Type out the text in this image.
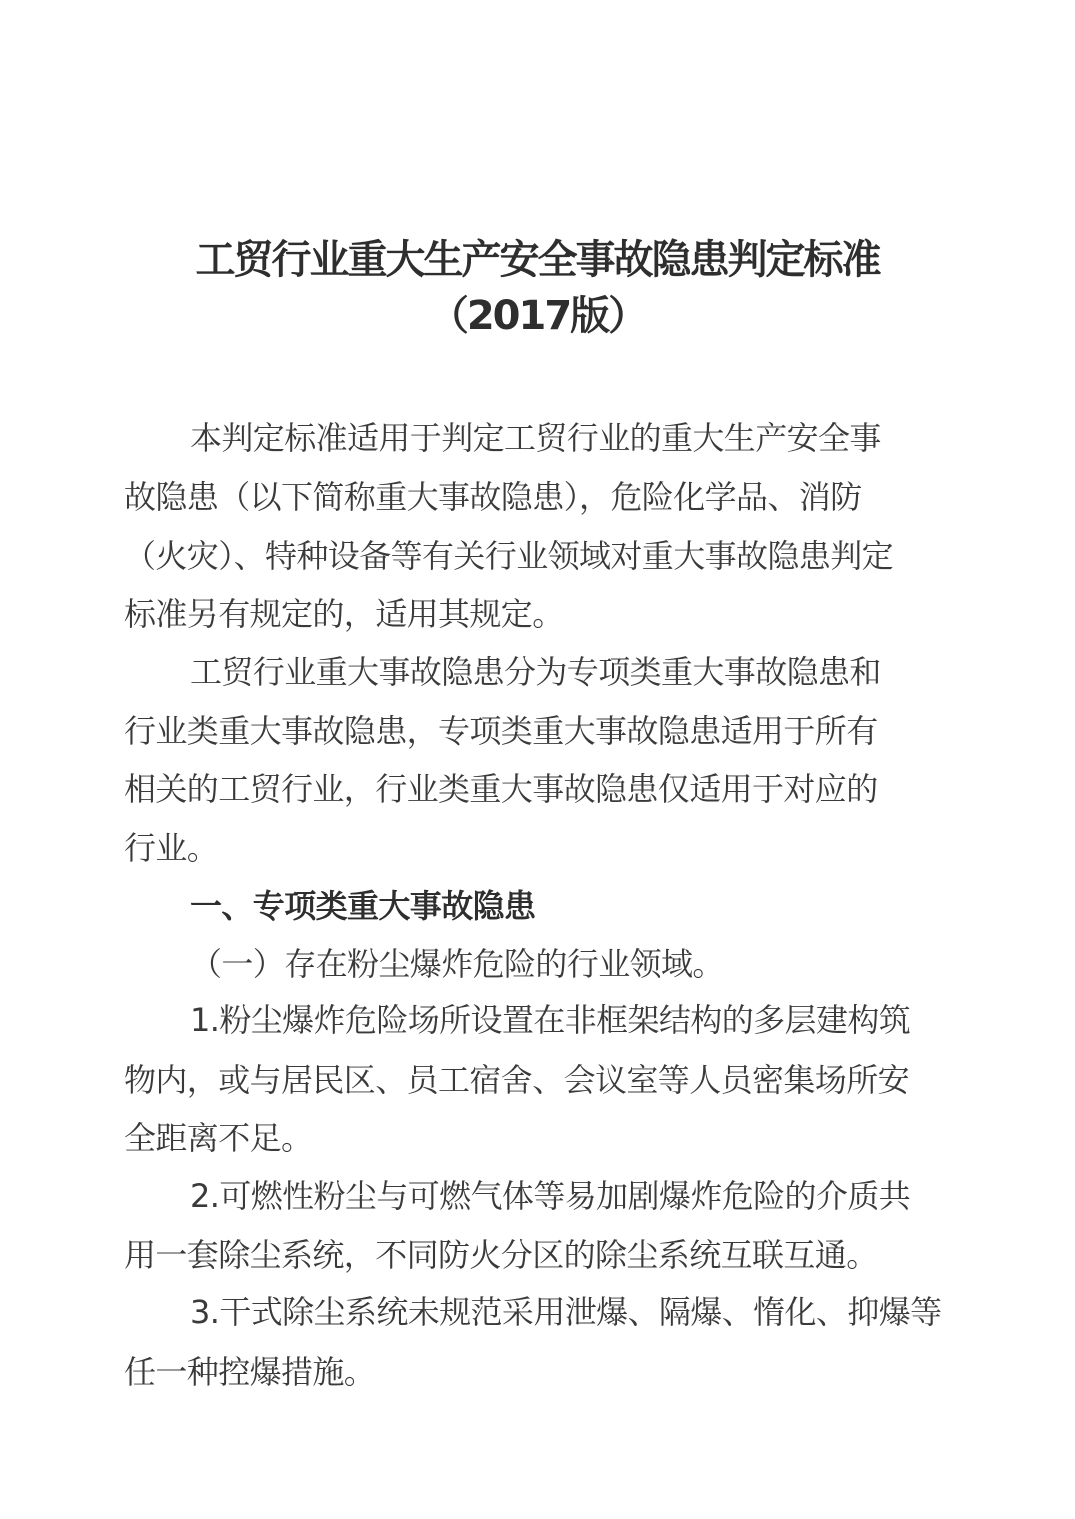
工贸行业重大生产安全事故隐患判定标准
（2017版）
本判定标准适用于判定工贸行业的重大生产安全事
故隐患（以下简称重大事故隐患），危险化学品、消防
（火灾）、特种设备等有关行业领域对重大事故隐患判定
标准另有规定的，适用其规定。
工贸行业重大事故隐患分为专项类重大事故隐患和
行业类重大事故隐患，专项类重大事故隐患适用于所有
相关的工贸行业，行业类重大事故隐患仅适用于对应的
行业。
一、专项类重大事故隐患
（一）存在粉尘爆炸危险的行业领域。
1.粉尘爆炸危险场所设置在非框架结构的多层建构筑
物内，或与居民区、员工宿舍、会议室等人员密集场所安
全距离不足。
2.可燃性粉尘与可燃气体等易加剧爆炸危险的介质共
用一套除尘系统，不同防火分区的除尘系统互联互通。
3.干式除尘系统未规范采用泄爆、隔爆、惰化、抑爆等
任一种控爆措施。
